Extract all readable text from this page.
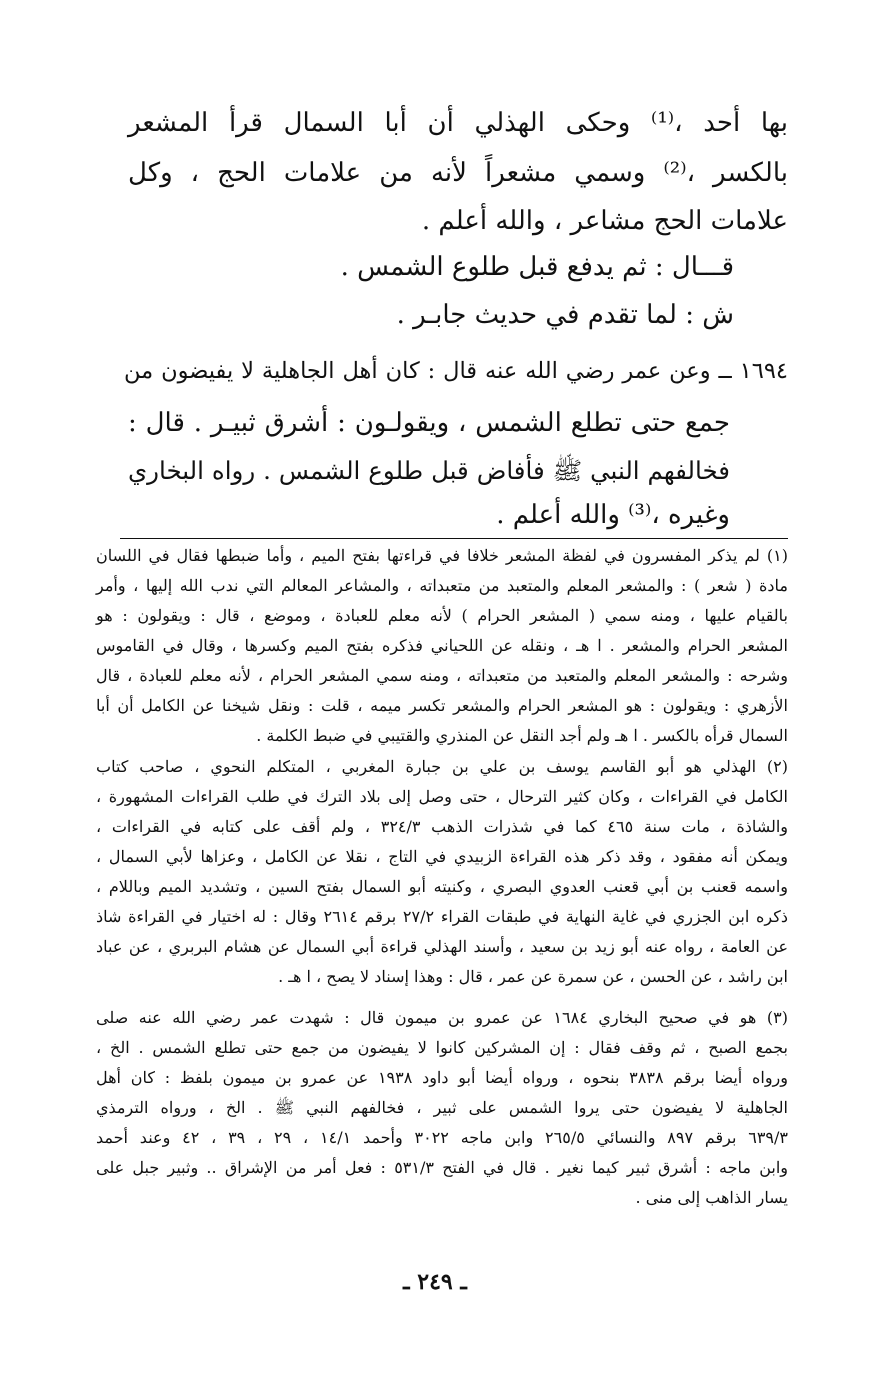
بها أحد ،⁽¹⁾ وحكى الهذلي أن أبا السمال قرأ المشعر
بالكسر ،⁽²⁾ وسمي مشعراً لأنه من علامات الحج ، وكل
علامات الحج مشاعر ، والله أعلم .
قـــال : ثم يدفع قبل طلوع الشمس .
ش : لما تقدم في حديث جابـر .
١٦٩٤ ــ وعن عمر رضي الله عنه قال : كان أهل الجاهلية لا يفيضون من
جمع حتى تطلع الشمس ، ويقولـون : أشرق ثبيـر . قال :
فخالفهم النبي ﷺ فأفاض قبل طلوع الشمس . رواه البخاري
وغيره ،⁽³⁾ والله أعلم .
(١) لم يذكر المفسرون في لفظة المشعر خلافا في قراءتها بفتح الميم ، وأما ضبطها فقال في اللسان
مادة ( شعر ) : والمشعر المعلم والمتعبد من متعبداته ، والمشاعر المعالم التي ندب الله إليها ، وأمر
بالقيام عليها ، ومنه سمي ( المشعر الحرام ) لأنه معلم للعبادة ، وموضع ، قال : ويقولون : هو
المشعر الحرام والمشعر . ا هـ ، ونقله عن اللحياني فذكره بفتح الميم وكسرها ، وقال في القاموس
وشرحه : والمشعر المعلم والمتعبد من متعبداته ، ومنه سمي المشعر الحرام ، لأنه معلم للعبادة ، قال
الأزهري : ويقولون : هو المشعر الحرام والمشعر تكسر ميمه ، قلت : ونقل شيخنا عن الكامل أن أبا
السمال قرأه بالكسر . ا هـ ولم أجد النقل عن المنذري والقتيبي في ضبط الكلمة .
(٢) الهذلي هو أبو القاسم يوسف بن علي بن جبارة المغربي ، المتكلم النحوي ، صاحب كتاب
الكامل في القراءات ، وكان كثير الترحال ، حتى وصل إلى بلاد الترك في طلب القراءات المشهورة ،
والشاذة ، مات سنة ٤٦٥ كما في شذرات الذهب ٣٢٤/٣ ، ولم أقف على كتابه في القراءات ،
ويمكن أنه مفقود ، وقد ذكر هذه القراءة الزبيدي في التاج ، نقلا عن الكامل ، وعزاها لأبي السمال ،
واسمه قعنب بن أبي قعنب العدوي البصري ، وكنيته أبو السمال بفتح السين ، وتشديد الميم وباللام ،
ذكره ابن الجزري في غاية النهاية في طبقات القراء ٢٧/٢ برقم ٢٦١٤ وقال : له اختيار في القراءة شاذ
عن العامة ، رواه عنه أبو زيد بن سعيد ، وأسند الهذلي قراءة أبي السمال عن هشام البربري ، عن عباد
ابن راشد ، عن الحسن ، عن سمرة عن عمر ، قال : وهذا إسناد لا يصح ، ا هـ .
(٣) هو في صحيح البخاري ١٦٨٤ عن عمرو بن ميمون قال : شهدت عمر رضي الله عنه صلى
بجمع الصبح ، ثم وقف فقال : إن المشركين كانوا لا يفيضون من جمع حتى تطلع الشمس . الخ ،
ورواه أيضا برقم ٣٨٣٨ بنحوه ، ورواه أيضا أبو داود ١٩٣٨ عن عمرو بن ميمون بلفظ : كان أهل
الجاهلية لا يفيضون حتى يروا الشمس على ثبير ، فخالفهم النبي ﷺ . الخ ، ورواه الترمذي
٦٣٩/٣ برقم ٨٩٧ والنسائي ٢٦٥/٥ وابن ماجه ٣٠٢٢ وأحمد ١٤/١ ، ٢٩ ، ٣٩ ، ٤٢ وعند أحمد
وابن ماجه : أشرق ثبير كيما نغير . قال في الفتح ٥٣١/٣ : فعل أمر من الإشراق .. وثبير جبل على
يسار الذاهب إلى منى .
ـ ٢٤٩ ـ
